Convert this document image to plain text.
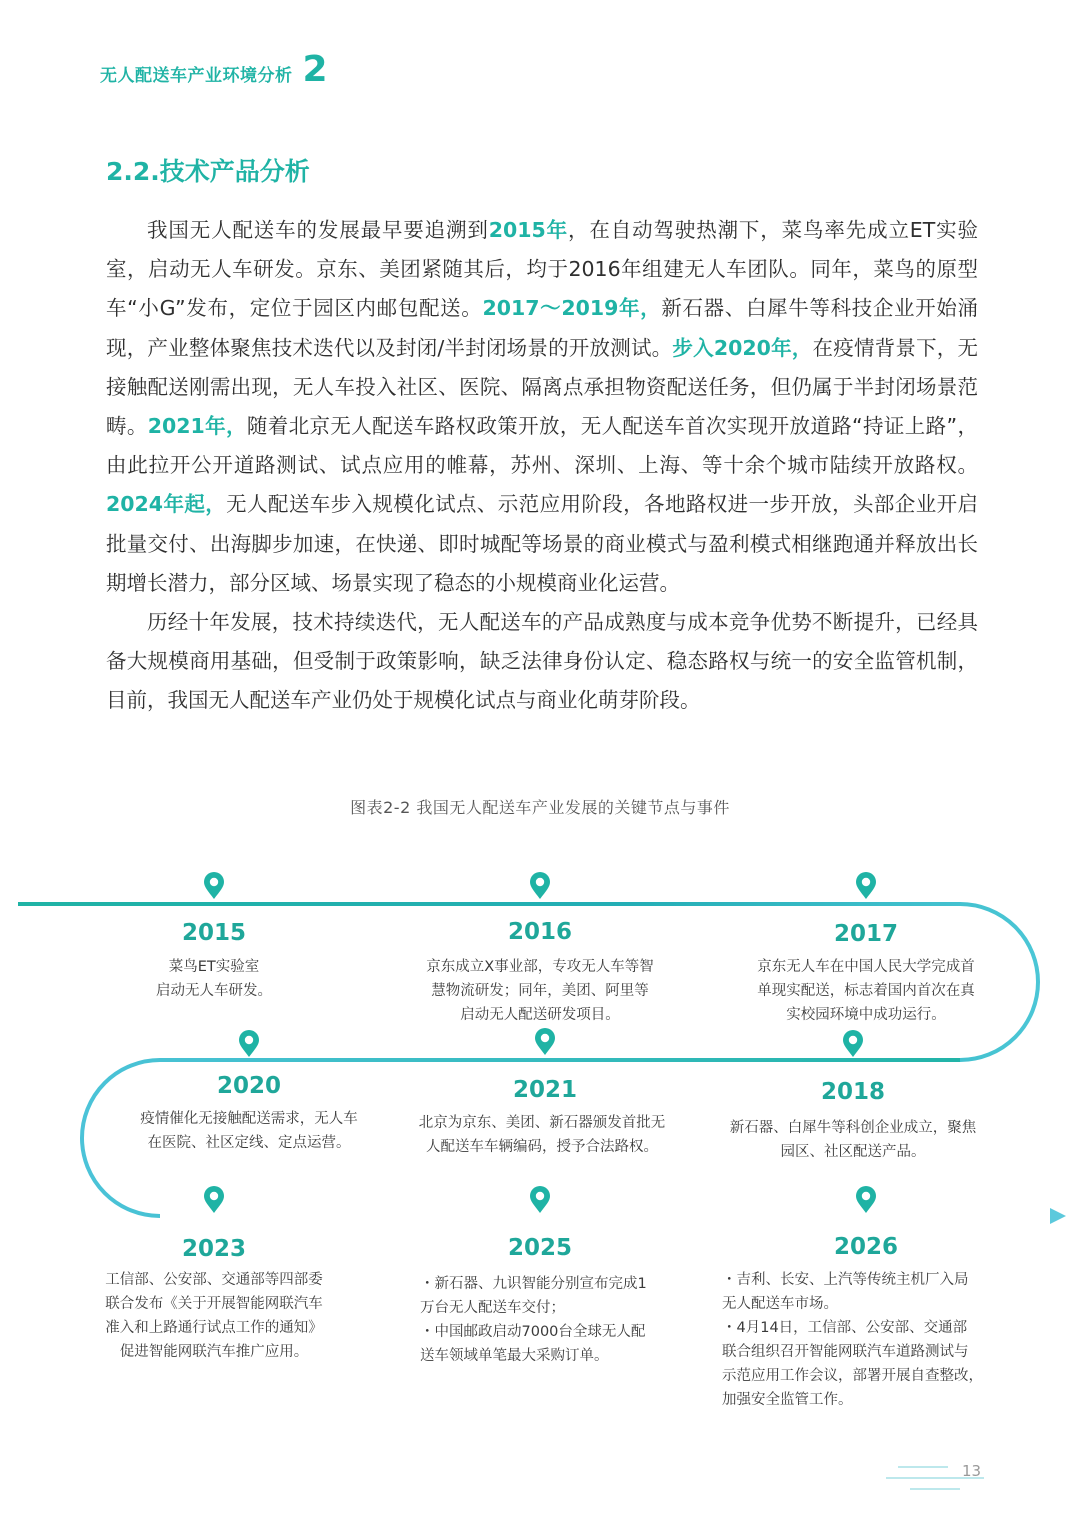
无人配送车产业环境分析 2
2.2.技术产品分析

我国无人配送车的发展最早要追溯到2015年，在自动驾驶热潮下，菜鸟率先成立ET实验室，启动无人车研发。京东、美团紧随其后，均于2016年组建无人车团队。同年，菜鸟的原型车“小G”发布，定位于园区内邮包配送。2017～2019年，新石器、白犀牛等科技企业开始涌现，产业整体聚焦技术迭代以及封闭/半封闭场景的开放测试。步入2020年，在疫情背景下，无接触配送刚需出现，无人车投入社区、医院、隔离点承担物资配送任务，但仍属于半封闭场景范畴。2021年，随着北京无人配送车路权政策开放，无人配送车首次实现开放道路“持证上路”，由此拉开公开道路测试、试点应用的帷幕，苏州、深圳、上海、等十余个城市陆续开放路权。2024年起，无人配送车步入规模化试点、示范应用阶段，各地路权进一步开放，头部企业开启批量交付、出海脚步加速，在快递、即时城配等场景的商业模式与盈利模式相继跑通并释放出长期增长潜力，部分区域、场景实现了稳态的小规模商业化运营。

历经十年发展，技术持续迭代，无人配送车的产品成熟度与成本竞争优势不断提升，已经具备大规模商用基础，但受制于政策影响，缺乏法律身份认定、稳态路权与统一的安全监管机制，目前，我国无人配送车产业仍处于规模化试点与商业化萌芽阶段。

图表2-2 我国无人配送车产业发展的关键节点与事件
2015

菜鸟ET实验室

启动无人车研发。

2016

京东成立X事业部，专攻无人车等智

慧物流研发；同年，美团、阿里等

启动无人配送研发项目。

2017

京东无人车在中国人民大学完成首

单现实配送，标志着国内首次在真

实校园环境中成功运行。

2020

疫情催化无接触配送需求，无人车

在医院、社区定线、定点运营。

2021

北京为京东、美团、新石器颁发首批无

人配送车车辆编码，授予合法路权。

2018

新石器、白犀牛等科创企业成立，聚焦

园区、社区配送产品。

2023

工信部、公安部、交通部等四部委

联合发布《关于开展智能网联汽车

准入和上路通行试点工作的通知》

促进智能网联汽车推广应用。

2025

・新石器、九识智能分别宣布完成1

万台无人配送车交付；

・中国邮政启动7000台全球无人配

送车领域单笔最大采购订单。

2026

・吉利、长安、上汽等传统主机厂入局

无人配送车市场。

・4月14日，工信部、公安部、交通部

联合组织召开智能网联汽车道路测试与

示范应用工作会议，部署开展自查整改，

加强安全监管工作。

13
